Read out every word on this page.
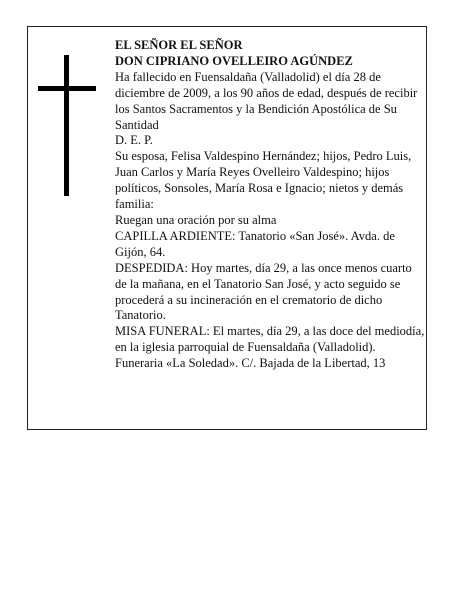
EL SEÑOR EL SEÑOR

DON CIPRIANO OVELLEIRO AGÚNDEZ

Ha fallecido en Fuensaldaña (Valladolid) el día 28 de diciembre de 2009, a los 90 años de edad, después de recibir los Santos Sacramentos y la Bendición Apostólica de Su Santidad

D. E. P.

Su esposa, Felisa Valdespino Hernández; hijos, Pedro Luis, Juan Carlos y María Reyes Ovelleiro Valdespino; hijos políticos, Sonsoles, María Rosa e Ignacio; nietos y demás familia:

Ruegan una oración por su alma

CAPILLA ARDIENTE: Tanatorio «San José». Avda. de Gijón, 64.

DESPEDIDA: Hoy martes, día 29, a las once menos cuarto de la mañana, en el Tanatorio San José, y acto seguido se procederá a su incineración en el crematorio de dicho Tanatorio.

MISA FUNERAL: El martes, día 29, a las doce del mediodía, en la iglesia parroquial de Fuensaldaña (Valladolid).

Funeraria «La Soledad». C/. Bajada de la Libertad, 13
